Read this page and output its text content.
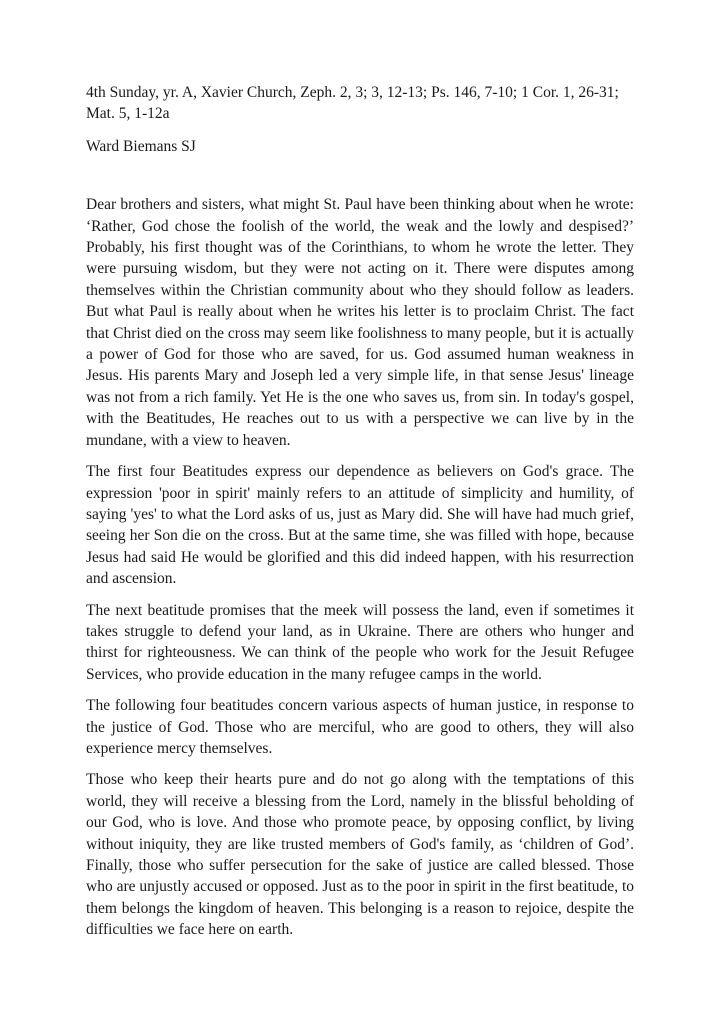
4th Sunday, yr. A, Xavier Church, Zeph. 2, 3; 3, 12-13; Ps. 146, 7-10; 1 Cor. 1, 26-31; Mat. 5, 1-12a

Ward Biemans SJ

Dear brothers and sisters, what might St. Paul have been thinking about when he wrote: ‘Rather, God chose the foolish of the world, the weak and the lowly and despised?’ Probably, his first thought was of the Corinthians, to whom he wrote the letter. They were pursuing wisdom, but they were not acting on it. There were disputes among themselves within the Christian community about who they should follow as leaders. But what Paul is really about when he writes his letter is to proclaim Christ. The fact that Christ died on the cross may seem like foolishness to many people, but it is actually a power of God for those who are saved, for us. God assumed human weakness in Jesus. His parents Mary and Joseph led a very simple life, in that sense Jesus' lineage was not from a rich family. Yet He is the one who saves us, from sin. In today's gospel, with the Beatitudes, He reaches out to us with a perspective we can live by in the mundane, with a view to heaven.

The first four Beatitudes express our dependence as believers on God's grace. The expression 'poor in spirit' mainly refers to an attitude of simplicity and humility, of saying 'yes' to what the Lord asks of us, just as Mary did. She will have had much grief, seeing her Son die on the cross. But at the same time, she was filled with hope, because Jesus had said He would be glorified and this did indeed happen, with his resurrection and ascension.

The next beatitude promises that the meek will possess the land, even if sometimes it takes struggle to defend your land, as in Ukraine. There are others who hunger and thirst for righteousness. We can think of the people who work for the Jesuit Refugee Services, who provide education in the many refugee camps in the world.

The following four beatitudes concern various aspects of human justice, in response to the justice of God. Those who are merciful, who are good to others, they will also experience mercy themselves.

Those who keep their hearts pure and do not go along with the temptations of this world, they will receive a blessing from the Lord, namely in the blissful beholding of our God, who is love. And those who promote peace, by opposing conflict, by living without iniquity, they are like trusted members of God's family, as ‘children of God’. Finally, those who suffer persecution for the sake of justice are called blessed. Those who are unjustly accused or opposed. Just as to the poor in spirit in the first beatitude, to them belongs the kingdom of heaven. This belonging is a reason to rejoice, despite the difficulties we face here on earth.
